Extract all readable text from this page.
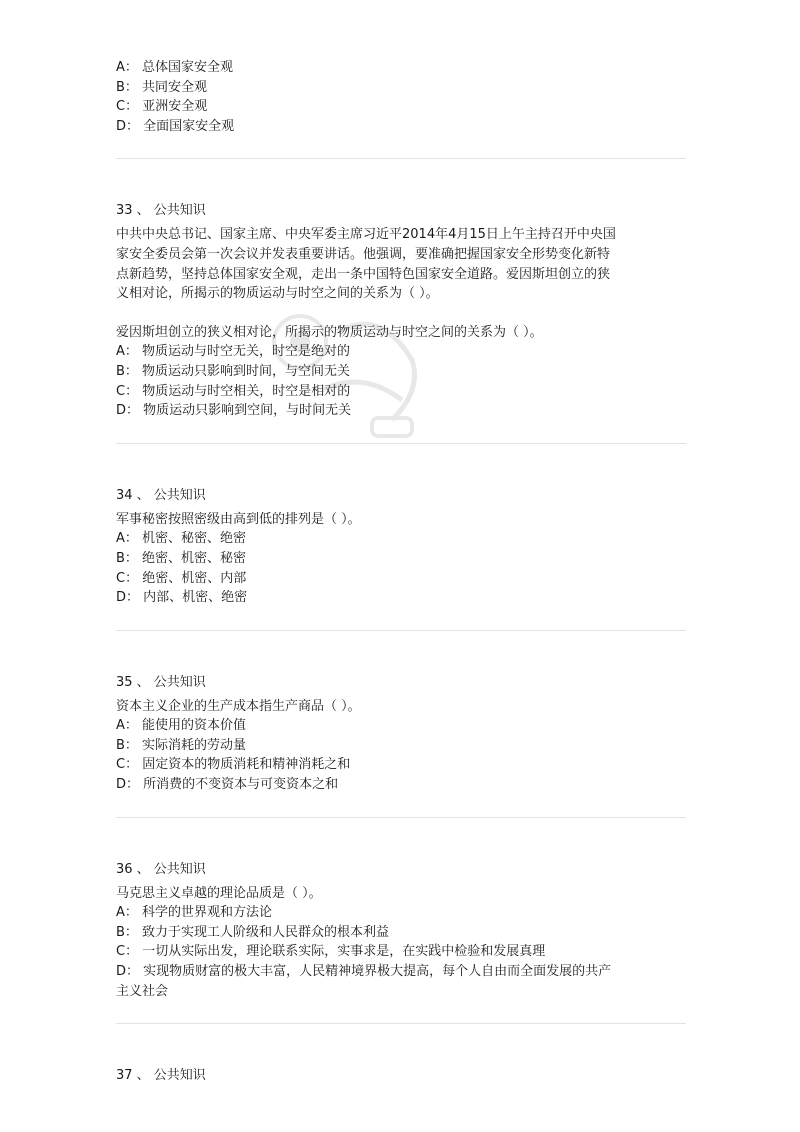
A： 总体国家安全观
B： 共同安全观
C： 亚洲安全观
D： 全面国家安全观
33 、 公共知识
中共中央总书记、国家主席、中央军委主席习近平2014年4月15日上午主持召开中央国
家安全委员会第一次会议并发表重要讲话。他强调，要准确把握国家安全形势变化新特
点新趋势，坚持总体国家安全观，走出一条中国特色国家安全道路。爱因斯坦创立的狭
义相对论，所揭示的物质运动与时空之间的关系为（ ）。
爱因斯坦创立的狭义相对论，所揭示的物质运动与时空之间的关系为（ ）。
A： 物质运动与时空无关，时空是绝对的
B： 物质运动只影响到时间，与空间无关
C： 物质运动与时空相关，时空是相对的
D： 物质运动只影响到空间，与时间无关
34 、 公共知识
军事秘密按照密级由高到低的排列是（ ）。
A： 机密、秘密、绝密
B： 绝密、机密、秘密
C： 绝密、机密、内部
D： 内部、机密、绝密
35 、 公共知识
资本主义企业的生产成本指生产商品（ ）。
A： 能使用的资本价值
B： 实际消耗的劳动量
C： 固定资本的物质消耗和精神消耗之和
D： 所消费的不变资本与可变资本之和
36 、 公共知识
马克思主义卓越的理论品质是（ ）。
A： 科学的世界观和方法论
B： 致力于实现工人阶级和人民群众的根本利益
C： 一切从实际出发，理论联系实际，实事求是，在实践中检验和发展真理
D： 实现物质财富的极大丰富，人民精神境界极大提高，每个人自由而全面发展的共产
主义社会
37 、 公共知识
